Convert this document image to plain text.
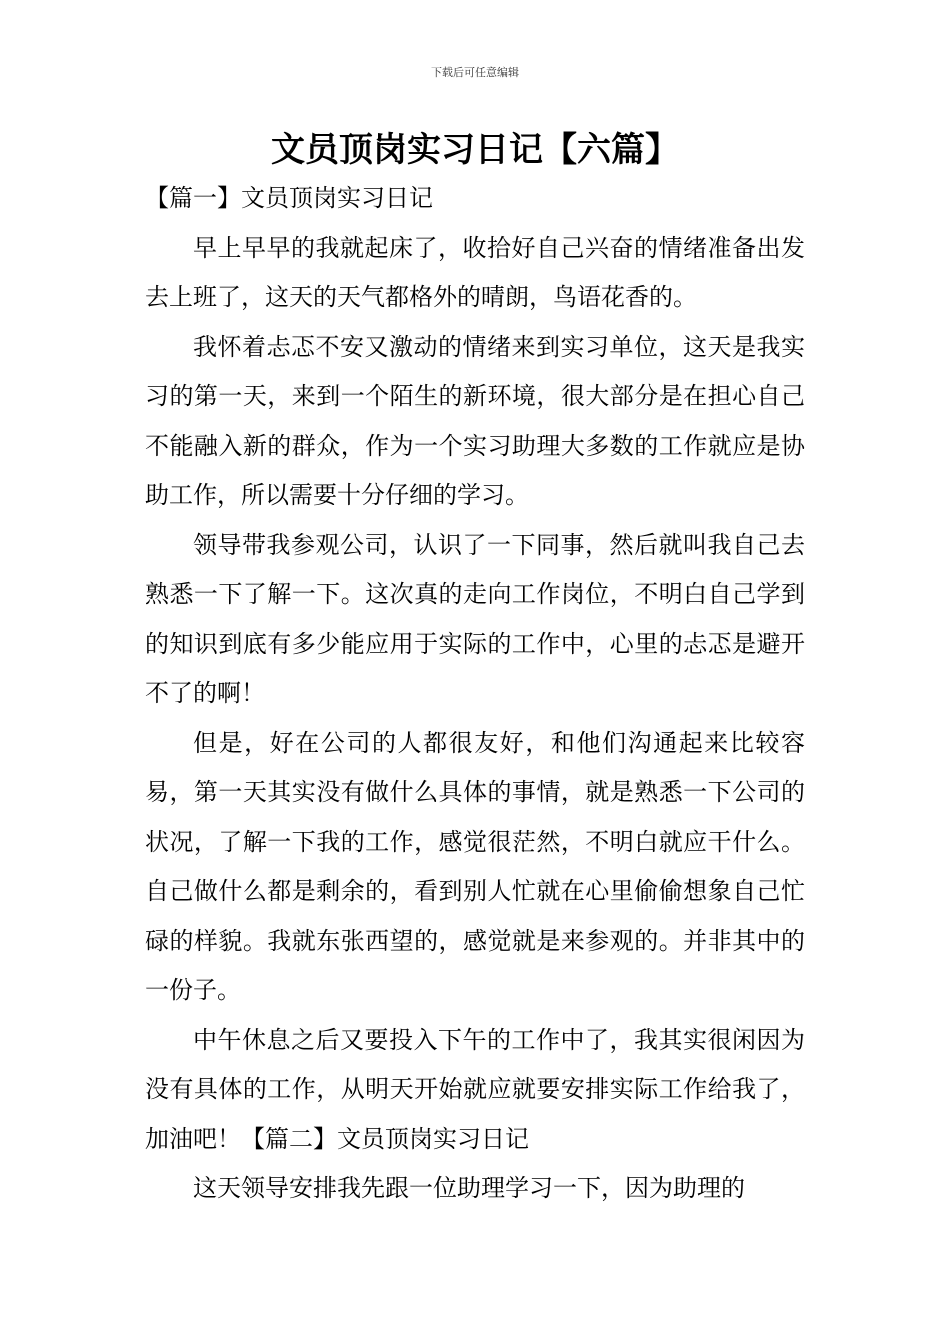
下载后可任意编辑
文员顶岗实习日记【六篇】

【篇一】文员顶岗实习日记

早上早早的我就起床了，收拾好自己兴奋的情绪准备出发去上班了，这天的天气都格外的晴朗，鸟语花香的。

我怀着忐忑不安又激动的情绪来到实习单位，这天是我实习的第一天，来到一个陌生的新环境，很大部分是在担心自己不能融入新的群众，作为一个实习助理大多数的工作就应是协助工作，所以需要十分仔细的学习。

领导带我参观公司，认识了一下同事，然后就叫我自己去熟悉一下了解一下。这次真的走向工作岗位，不明白自己学到的知识到底有多少能应用于实际的工作中，心里的忐忑是避开不了的啊！

但是，好在公司的人都很友好，和他们沟通起来比较容易，第一天其实没有做什么具体的事情，就是熟悉一下公司的状况，了解一下我的工作，感觉很茫然，不明白就应干什么。自己做什么都是剩余的，看到别人忙就在心里偷偷想象自己忙碌的样貌。我就东张西望的，感觉就是来参观的。并非其中的一份子。

中午休息之后又要投入下午的工作中了，我其实很闲因为没有具体的工作，从明天开始就应就要安排实际工作给我了，加油吧！【篇二】文员顶岗实习日记

这天领导安排我先跟一位助理学习一下，因为助理的
